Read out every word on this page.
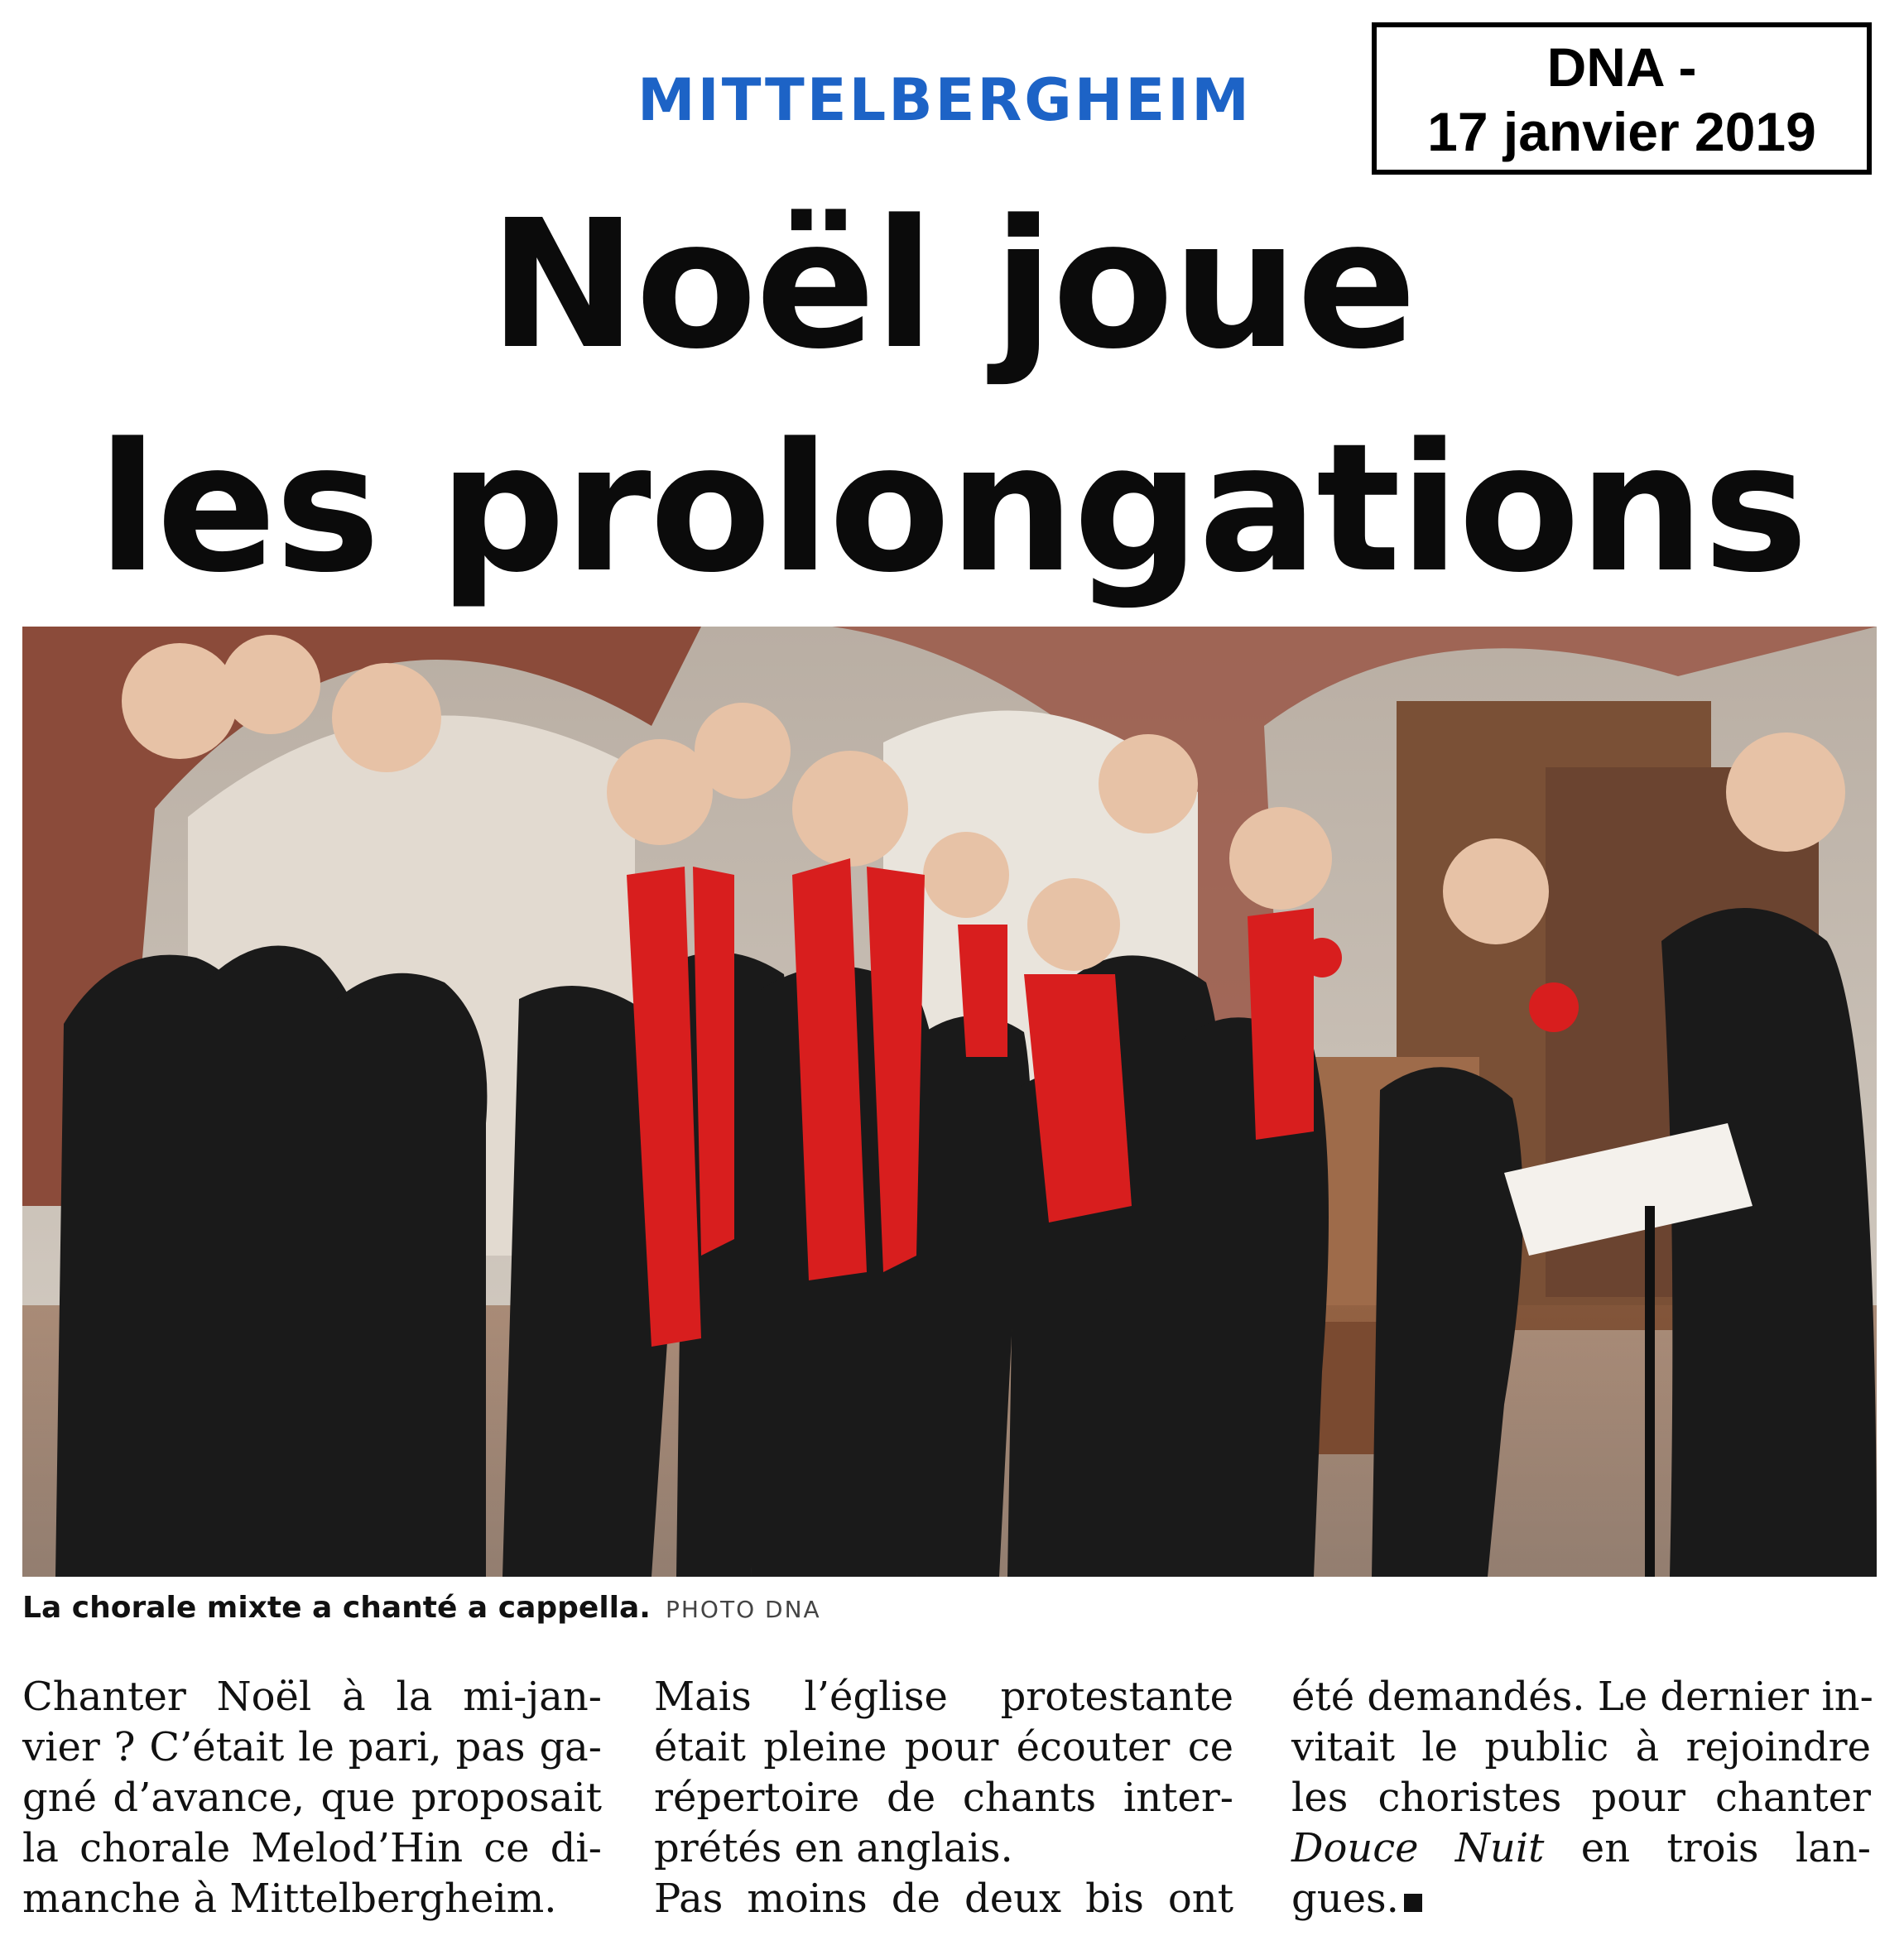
DNA -
17 janvier 2019
MITTELBERGHEIM
Noël joue
les prolongations
La chorale mixte a chanté a cappella. PHOTO DNA
Chanter Noël à la mi-jan-
vier ? C’était le pari, pas ga-
gné d’avance, que proposait
la chorale Melod’Hin ce di-
manche à Mittelbergheim.
Mais l’église protestante
était pleine pour écouter ce
répertoire de chants inter-
prétés en anglais.
Pas moins de deux bis ont
été demandés. Le dernier in-
vitait le public à rejoindre
les choristes pour chanter
Douce Nuit en trois lan-
gues.
